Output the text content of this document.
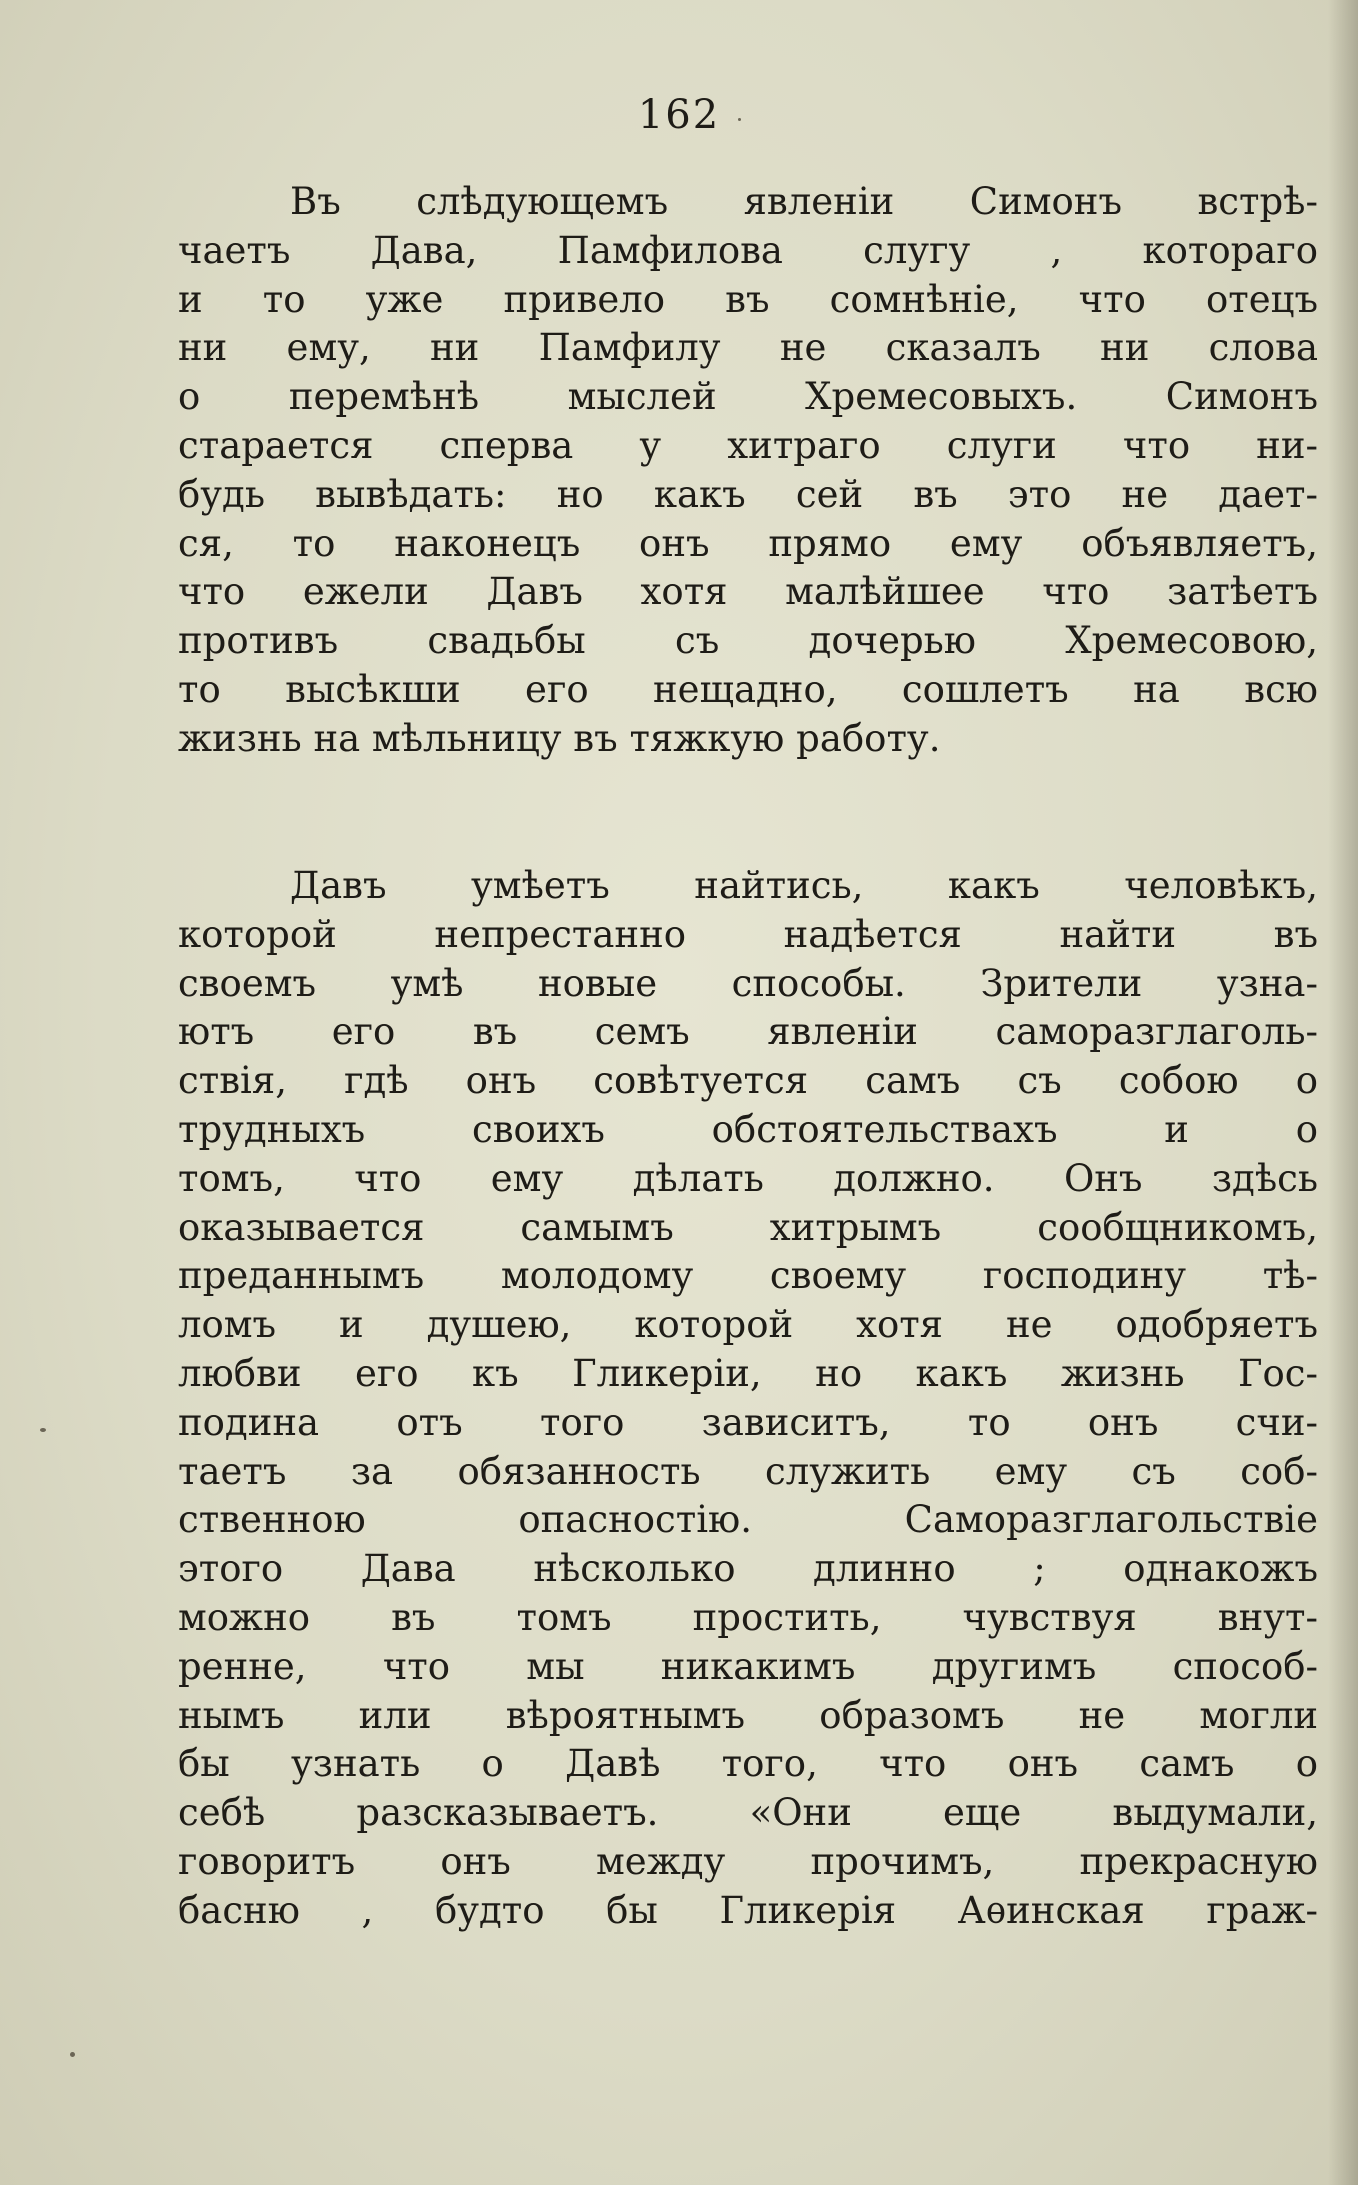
162
Въ слѣдующемъ явленіи Симонъ встрѣ-
чаетъ Дава, Памфилова слугу , котораго
и то уже привело въ сомнѣніе, что отецъ
ни ему, ни Памфилу не сказалъ ни слова
о перемѣнѣ мыслей Хремесовыхъ. Симонъ
старается сперва у хитраго слуги что ни-
будь вывѣдать: но какъ сей въ это не дает-
ся, то наконецъ онъ прямо ему объявляетъ,
что ежели Давъ хотя малѣйшее что затѣетъ
противъ свадьбы съ дочерью Хремесовою,
то высѣкши его нещадно, сошлетъ на всю
жизнь на мѣльницу въ тяжкую работу.
Давъ умѣетъ найтись, какъ человѣкъ,
которой непрестанно надѣется найти въ
своемъ умѣ новые способы. Зрители узна-
ютъ его въ семъ явленіи саморазглаголь-
ствія, гдѣ онъ совѣтуется самъ съ собою о
трудныхъ своихъ обстоятельствахъ и о
томъ, что ему дѣлать должно. Онъ здѣсь
оказывается самымъ хитрымъ сообщникомъ,
преданнымъ молодому своему господину тѣ-
ломъ и душею, которой хотя не одобряетъ
любви его къ Гликеріи, но какъ жизнь Гос-
подина отъ того зависитъ, то онъ счи-
таетъ за обязанность служить ему съ соб-
ственною опасностію. Саморазглагольствіе
этого Дава нѣсколько длинно ; однакожъ
можно въ томъ простить, чувствуя внут-
ренне, что мы никакимъ другимъ способ-
нымъ или вѣроятнымъ образомъ не могли
бы узнать о Давѣ того, что онъ самъ о
себѣ разсказываетъ. «Они еще выдумали,
говоритъ онъ между прочимъ, прекрасную
басню , будто бы Гликерія Аѳинская граж-
